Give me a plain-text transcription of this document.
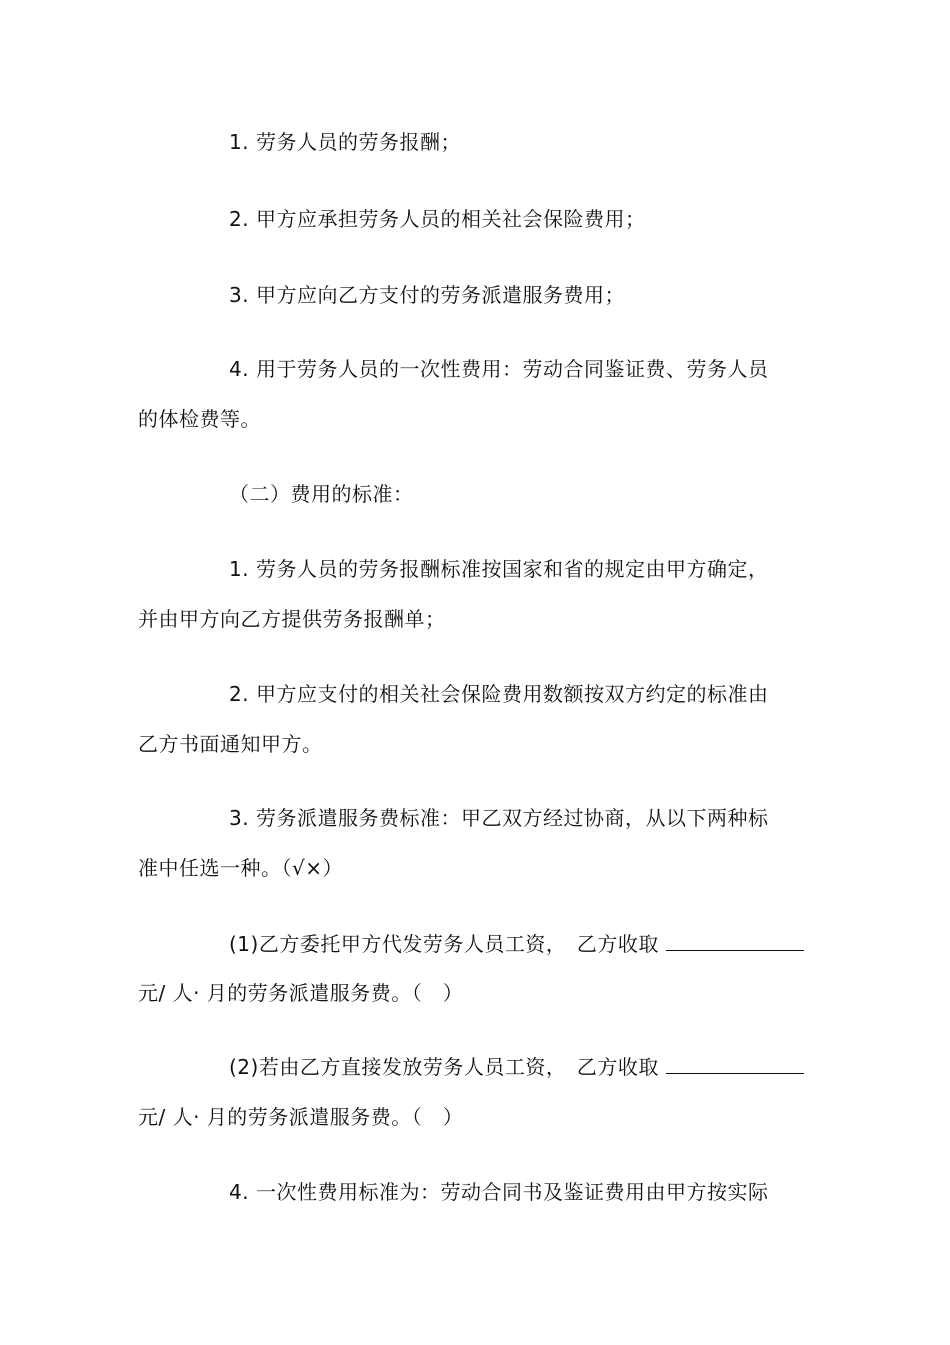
1. 劳务人员的劳务报酬；
2. 甲方应承担劳务人员的相关社会保险费用；
3. 甲方应向乙方支付的劳务派遣服务费用；
4. 用于劳务人员的一次性费用：劳动合同鉴证费、劳务人员
的体检费等。
（二）费用的标准：
1. 劳务人员的劳务报酬标准按国家和省的规定由甲方确定，
并由甲方向乙方提供劳务报酬单；
2. 甲方应支付的相关社会保险费用数额按双方约定的标准由
乙方书面通知甲方。
3. 劳务派遣服务费标准：甲乙双方经过协商，从以下两种标
准中任选一种。（√×）
(1)乙方委托甲方代发劳务人员工资，　乙方收取
元/ 人· 月的劳务派遣服务费。（　）
(2)若由乙方直接发放劳务人员工资，　乙方收取
元/ 人· 月的劳务派遣服务费。（　）
4. 一次性费用标准为：劳动合同书及鉴证费用由甲方按实际
